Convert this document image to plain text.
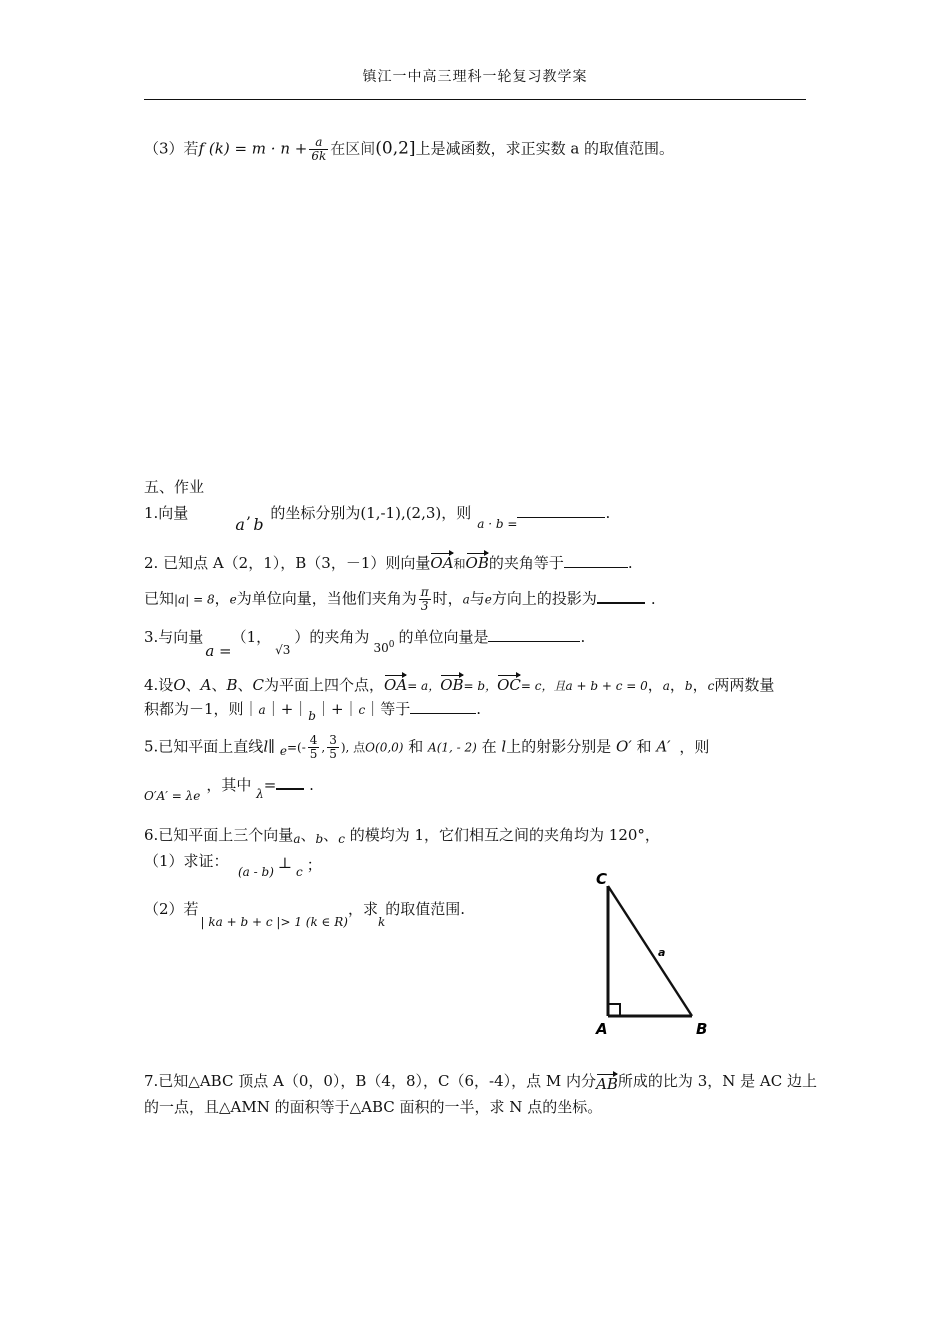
镇江一中高三理科一轮复习教学案
（3）若f $(k) = m \cdot n + \frac{a}{6k}$ 在区间(0,2]上是减函数，求正实数 a 的取值范围。
五、作业
1.向量
a
,
b
的坐标分别为(1,-1),(2,3)，则$_{a \cdot b =}$.
2. 已知点 A（2，1），B（3，－1）则向量OA和OB的夹角等于	.
已知|a| = 8，e为单位向量，当他们夹角为 $\frac{\pi}{3}$ 时，a与e方向上的投影为	.
3.与向量a =（1，$_{√3}$）的夹角为$_{30^0}$ 的单位向量是	.
4.设O、A、B、C为平面上四个点，OA= a，OB= b，OC= c，且a + b + c = 0，a，b，c两两数量
积都为－1，则$|a|+|_b|+|c|$等于	.
5.已知平面上直线l∥ $_e=(- \frac{4}{5}$ , $\frac{3}{5}$ ), 点O(0,0) 和 A(1, - 2) 在 l上的射影分别是 O′ 和 A′ ，则
$_{O'A' = \lambda e}$，其中 $_\lambda$= .
6.已知平面上三个向量$_a$、$_b$、$_c$ 的模均为 1，它们相互之间的夹角均为 120°，
（1）求证：
(a - b) ⊥ c ；
（2）若$_{| ka + b + c |> 1 (k \in R)}$，求$_k$的取值范围.
C
A	B
a
7.已知△ABC 顶点 A（0，0），B（4，8），C（6，-4），点 M 内分AB所成的比为 3，N 是 AC 边上
的一点，且△AMN 的面积等于△ABC 面积的一半，求 N 点的坐标。
